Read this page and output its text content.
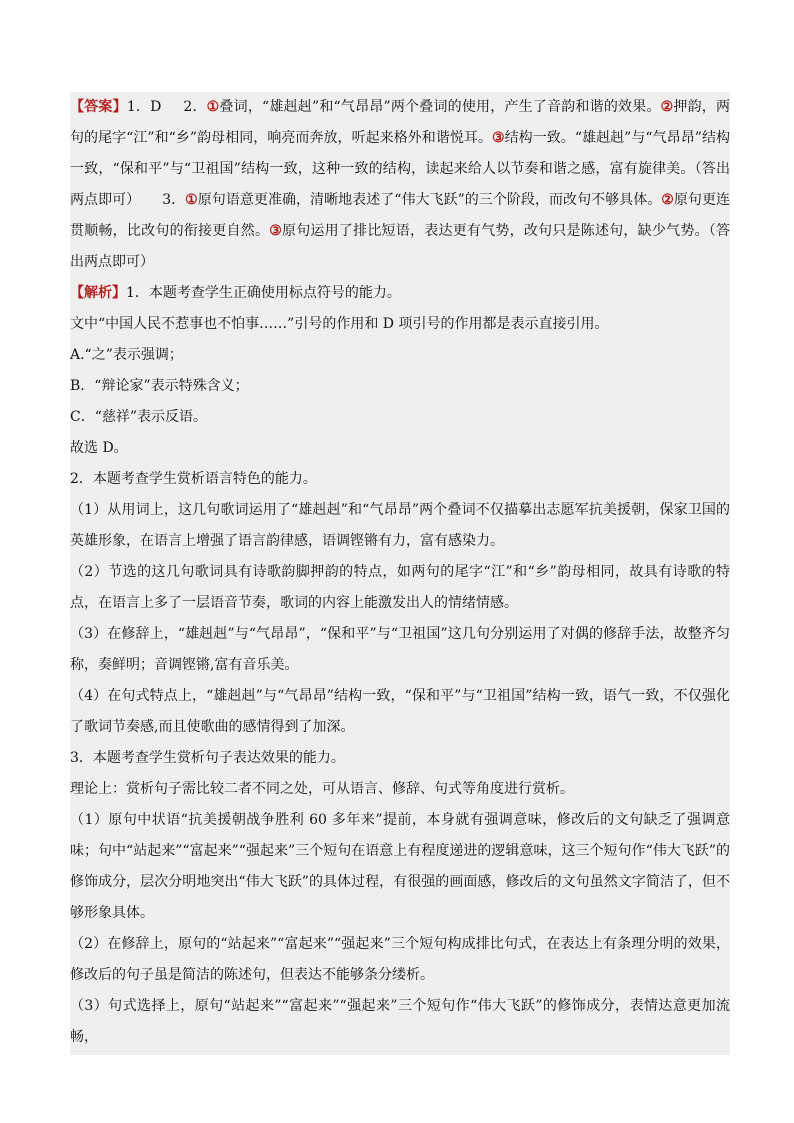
【答案】1．D 2．①叠词，“雄赳赳”和“气昂昂”两个叠词的使用，产生了音韵和谐的效果。②押韵，两句的尾字“江”和“乡”韵母相同，响亮而奔放，听起来格外和谐悦耳。③结构一致。“雄赳赳”与“气昂昂”结构一致，“保和平”与“卫祖国”结构一致，这种一致的结构，读起来给人以节奏和谐之感，富有旋律美。（答出两点即可） 3．①原句语意更准确，清晰地表述了“伟大飞跃”的三个阶段，而改句不够具体。②原句更连贯顺畅，比改句的衔接更自然。③原句运用了排比短语，表达更有气势，改句只是陈述句，缺少气势。（答出两点即可）

【解析】1．本题考查学生正确使用标点符号的能力。

文中“中国人民不惹事也不怕事……”引号的作用和 D 项引号的作用都是表示直接引用。

A.“之”表示强调；

B．“辩论家”表示特殊含义；

C．“慈祥”表示反语。

故选 D。

2．本题考查学生赏析语言特色的能力。

（1）从用词上，这几句歌词运用了“雄赳赳”和“气昂昂”两个叠词不仅描摹出志愿军抗美援朝，保家卫国的英雄形象，在语言上增强了语言韵律感，语调铿锵有力，富有感染力。

（2）节选的这几句歌词具有诗歌韵脚押韵的特点，如两句的尾字“江”和“乡”韵母相同，故具有诗歌的特点，在语言上多了一层语音节奏，歌词的内容上能激发出人的情绪情感。

（3）在修辞上，“雄赳赳”与“气昂昂”，“保和平”与“卫祖国”这几句分别运用了对偶的修辞手法，故整齐匀称，奏鲜明；音调铿锵,富有音乐美。

（4）在句式特点上，“雄赳赳”与“气昂昂”结构一致，“保和平”与“卫祖国”结构一致，语气一致，不仅强化了歌词节奏感,而且使歌曲的感情得到了加深。

3．本题考查学生赏析句子表达效果的能力。

理论上：赏析句子需比较二者不同之处，可从语言、修辞、句式等角度进行赏析。

（1）原句中状语“抗美援朝战争胜利 60 多年来”提前，本身就有强调意味，修改后的文句缺乏了强调意味；句中“站起来”“富起来”“强起来”三个短句在语意上有程度递进的逻辑意味，这三个短句作“伟大飞跃”的修饰成分，层次分明地突出“伟大飞跃”的具体过程，有很强的画面感，修改后的文句虽然文字简洁了，但不够形象具体。

（2）在修辞上，原句的“站起来”“富起来”“强起来”三个短句构成排比句式，在表达上有条理分明的效果，修改后的句子虽是简洁的陈述句，但表达不能够条分缕析。

（3）句式选择上，原句“站起来”“富起来”“强起来”三个短句作“伟大飞跃”的修饰成分，表情达意更加流畅，
